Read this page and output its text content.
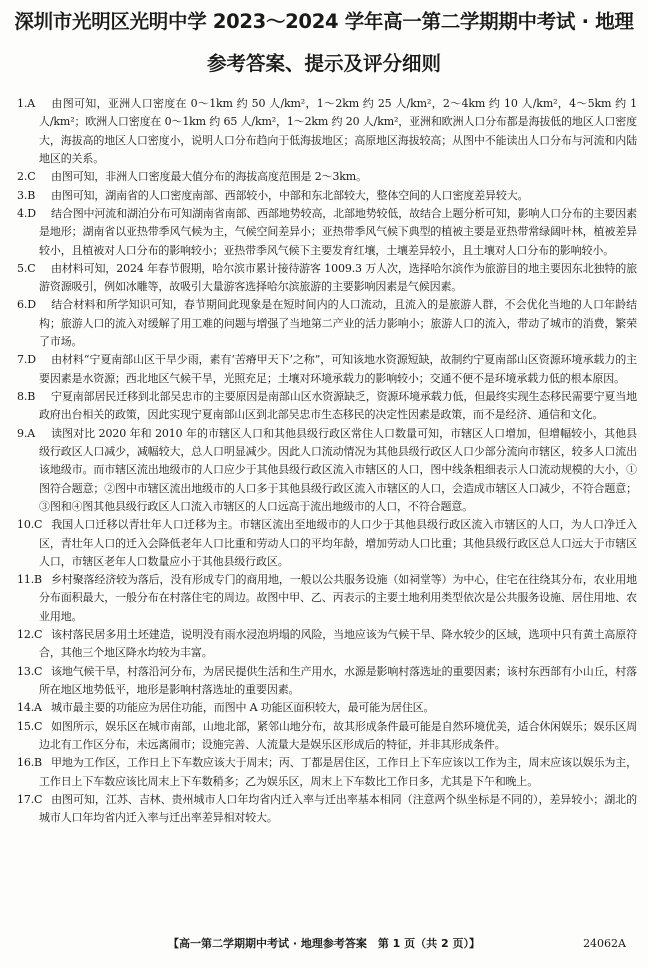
深圳市光明区光明中学 2023～2024 学年高一第二学期期中考试 · 地理
参考答案、提示及评分细则
1.A 由图可知，亚洲人口密度在 0～1km 约 50 人/km²，1～2km 约 25 人/km²，2～4km 约 10 人/km²，4～5km 约 1 人/km²；欧洲人口密度在 0～1km 约 65 人/km²，1～2km 约 20 人/km²，亚洲和欧洲人口分布都是海拔低的地区人口密度大，海拔高的地区人口密度小，说明人口分布趋向于低海拔地区；高原地区海拔较高；从图中不能读出人口分布与河流和内陆地区的关系。
2.C 由图可知，非洲人口密度最大值分布的海拔高度范围是 2～3km。
3.B 由图可知，湖南省的人口密度南部、西部较小，中部和东北部较大，整体空间的人口密度差异较大。
4.D 结合图中河流和湖泊分布可知湖南省南部、西部地势较高，北部地势较低，故结合上题分析可知，影响人口分布的主要因素是地形；湖南省以亚热带季风气候为主，气候空间差异小；亚热带季风气候下典型的植被主要是亚热带常绿阔叶林，植被差异较小，且植被对人口分布的影响较小；亚热带季风气候下主要发育红壤，土壤差异较小，且土壤对人口分布的影响较小。
5.C 由材料可知，2024 年春节假期，哈尔滨市累计接待游客 1009.3 万人次，选择哈尔滨作为旅游目的地主要因东北独特的旅游资源吸引，例如冰雕等，故吸引大量游客选择哈尔滨旅游的主要影响因素是气候因素。
6.D 结合材料和所学知识可知，春节期间此现象是在短时间内的人口流动，且流入的是旅游人群，不会优化当地的人口年龄结构；旅游人口的流入对缓解了用工难的问题与增强了当地第二产业的活力影响小；旅游人口的流入，带动了城市的消费，繁荣了市场。
7.D 由材料“宁夏南部山区干旱少雨，素有‘苦瘠甲天下’之称”，可知该地水资源短缺，故制约宁夏南部山区资源环境承载力的主要因素是水资源；西北地区气候干旱，光照充足；土壤对环境承载力的影响较小；交通不便不是环境承载力低的根本原因。
8.B 宁夏南部居民迁移到北部吴忠市的主要原因是南部山区水资源缺乏，资源环境承载力低，但最终实现生态移民需要宁夏当地政府出台相关的政策，因此实现宁夏南部山区到北部吴忠市生态移民的决定性因素是政策，而不是经济、通信和文化。
9.A 读图对比 2020 年和 2010 年的市辖区人口和其他县级行政区常住人口数量可知，市辖区人口增加，但增幅较小，其他县级行政区人口减少，减幅较大，总人口明显减少。因此人口流动情况为其他县级行政区人口少部分流向市辖区，较多人口流出该地级市。而市辖区流出地级市的人口应少于其他县级行政区流入市辖区的人口，图中线条粗细表示人口流动规模的大小，①图符合题意；②图中市辖区流出地级市的人口多于其他县级行政区流入市辖区的人口，会造成市辖区人口减少，不符合题意；③图和④图其他县级行政区人口流入市辖区的人口远高于流出地级市的人口，不符合题意。
10.C 我国人口迁移以青壮年人口迁移为主。市辖区流出至地级市的人口少于其他县级行政区流入市辖区的人口，为人口净迁入区，青壮年人口的迁入会降低老年人口比重和劳动人口的平均年龄，增加劳动人口比重；其他县级行政区总人口远大于市辖区人口，市辖区老年人口数量应小于其他县级行政区。
11.B 乡村聚落经济较为落后，没有形成专门的商用地，一般以公共服务设施（如祠堂等）为中心，住宅在往绕其分布，农业用地分布面积最大，一般分布在村落住宅的周边。故图中甲、乙、丙表示的主要土地利用类型依次是公共服务设施、居住用地、农业用地。
12.C 该村落民居多用土坯建造，说明没有雨水浸泡坍塌的风险，当地应该为气候干旱、降水较少的区域，选项中只有黄土高原符合，其他三个地区降水均较为丰富。
13.C 该地气候干旱，村落沿河分布，为居民提供生活和生产用水，水源是影响村落选址的重要因素；该村东西部有小山丘，村落所在地区地势低平，地形是影响村落选址的重要因素。
14.A 城市最主要的功能应为居住功能，而图中 A 功能区面积较大，最可能为居住区。
15.C 如图所示，娱乐区在城市南部，山地北部，紧邻山地分布，故其形成条件最可能是自然环境优美，适合休闲娱乐；娱乐区周边北有工作区分布，未远离闹市；设施完善、人流量大是娱乐区形成后的特征，并非其形成条件。
16.B 甲地为工作区，工作日上下车数应该大于周末；丙、丁都是居住区，工作日上下车应该以工作为主，周末应该以娱乐为主，工作日上下车数应该比周末上下车数稍多；乙为娱乐区，周末上下车数比工作日多，尤其是下午和晚上。
17.C 由图可知，江苏、吉林、贵州城市人口年均省内迁入率与迁出率基本相同（注意两个纵坐标是不同的），差异较小；湖北的城市人口年均省内迁入率与迁出率差异相对较大。
【高一第二学期期中考试 · 地理参考答案　第 1 页（共 2 页）】	24062A
